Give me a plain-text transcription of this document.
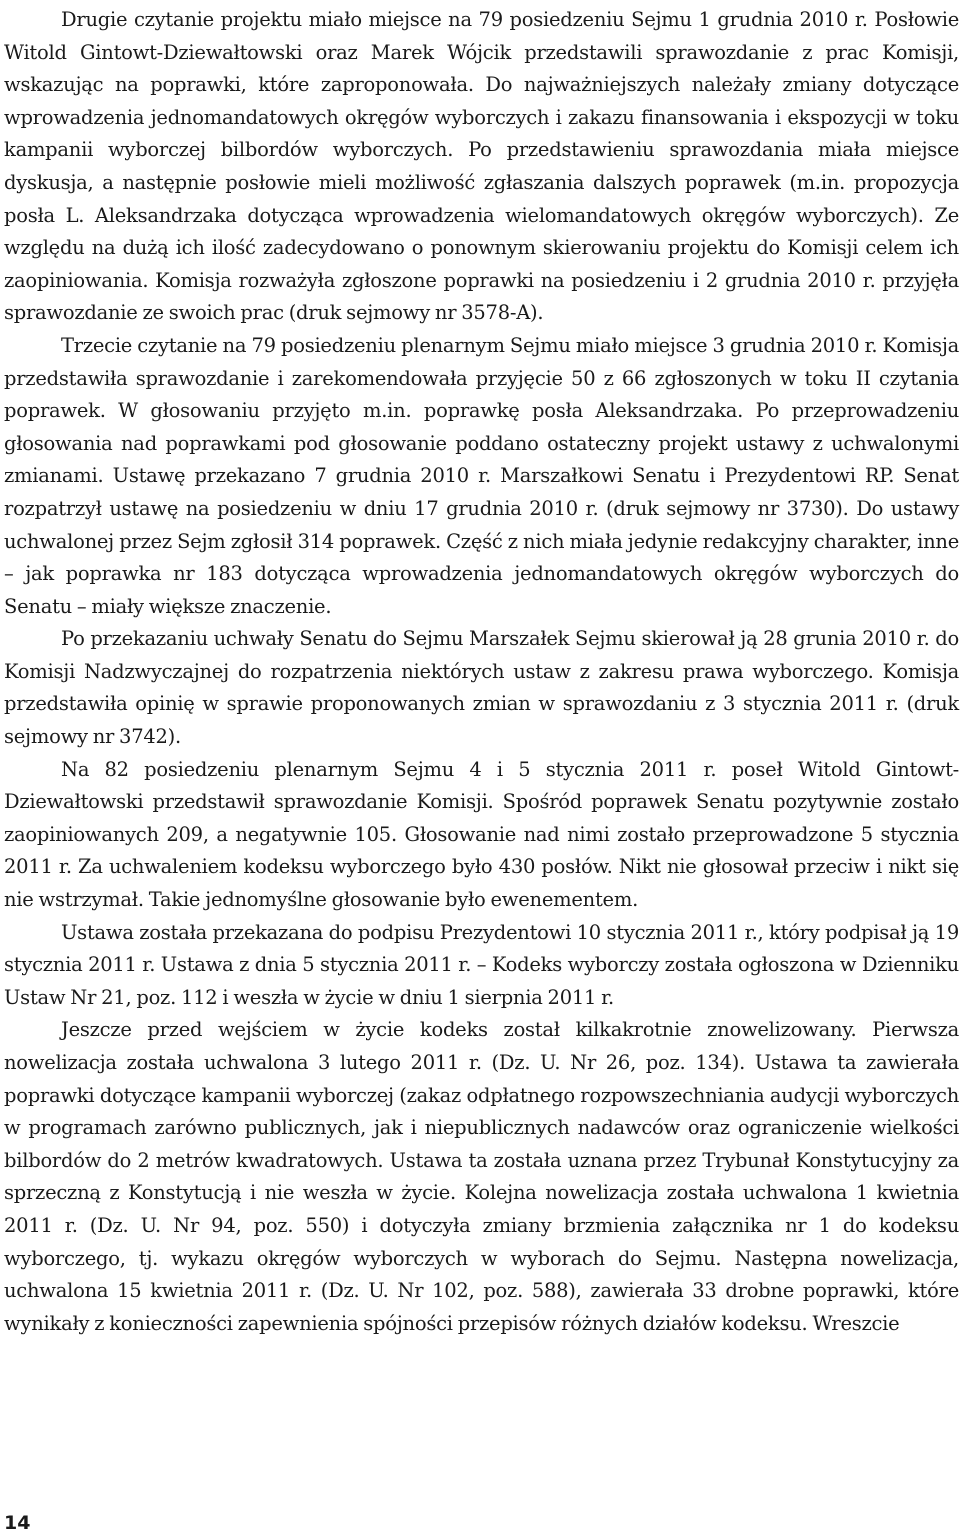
Drugie czytanie projektu miało miejsce na 79 posiedzeniu Sejmu 1 grudnia 2010 r. Posłowie Witold Gintowt-Dziewałtowski oraz Marek Wójcik przedstawili sprawozdanie z prac Komisji, wskazując na poprawki, które zaproponowała. Do najważniejszych należały zmiany dotyczące wprowadzenia jednomandatowych okręgów wyborczych i zakazu finansowania i ekspozycji w toku kampanii wyborczej bilbordów wyborczych. Po przedstawieniu sprawozdania miała miejsce dyskusja, a następnie posłowie mieli możliwość zgłaszania dalszych poprawek (m.in. propozycja posła L. Aleksandrzaka dotycząca wprowadzenia wielomandatowych okręgów wyborczych). Ze względu na dużą ich ilość zadecydowano o ponownym skierowaniu projektu do Komisji celem ich zaopiniowania. Komisja rozważyła zgłoszone poprawki na posiedzeniu i 2 grudnia 2010 r. przyjęła sprawozdanie ze swoich prac (druk sejmowy nr 3578-A).

Trzecie czytanie na 79 posiedzeniu plenarnym Sejmu miało miejsce 3 grudnia 2010 r. Komisja przedstawiła sprawozdanie i zarekomendowała przyjęcie 50 z 66 zgłoszonych w toku II czytania poprawek. W głosowaniu przyjęto m.in. poprawkę posła Aleksandrzaka. Po przeprowadzeniu głosowania nad poprawkami pod głosowanie poddano ostateczny projekt ustawy z uchwalonymi zmianami. Ustawę przekazano 7 grudnia 2010 r. Marszałkowi Senatu i Prezydentowi RP. Senat rozpatrzył ustawę na posiedzeniu w dniu 17 grudnia 2010 r. (druk sejmowy nr 3730). Do ustawy uchwalonej przez Sejm zgłosił 314 poprawek. Część z nich miała jedynie redakcyjny charakter, inne – jak poprawka nr 183 dotycząca wprowadzenia jednomandatowych okręgów wyborczych do Senatu – miały większe znaczenie.

Po przekazaniu uchwały Senatu do Sejmu Marszałek Sejmu skierował ją 28 grunia 2010 r. do Komisji Nadzwyczajnej do rozpatrzenia niektórych ustaw z zakresu prawa wyborczego. Komisja przedstawiła opinię w sprawie proponowanych zmian w sprawozdaniu z 3 stycznia 2011 r. (druk sejmowy nr 3742).

Na 82 posiedzeniu plenarnym Sejmu 4 i 5 stycznia 2011 r. poseł Witold Gintowt-Dziewałtowski przedstawił sprawozdanie Komisji. Spośród poprawek Senatu pozytywnie zostało zaopiniowanych 209, a negatywnie 105. Głosowanie nad nimi zostało przeprowadzone 5 stycznia 2011 r. Za uchwaleniem kodeksu wyborczego było 430 posłów. Nikt nie głosował przeciw i nikt się nie wstrzymał. Takie jednomyślne głosowanie było ewenementem.

Ustawa została przekazana do podpisu Prezydentowi 10 stycznia 2011 r., który podpisał ją 19 stycznia 2011 r. Ustawa z dnia 5 stycznia 2011 r. – Kodeks wyborczy została ogłoszona w Dzienniku Ustaw Nr 21, poz. 112 i weszła w życie w dniu 1 sierpnia 2011 r.

Jeszcze przed wejściem w życie kodeks został kilkakrotnie znowelizowany. Pierwsza nowelizacja została uchwalona 3 lutego 2011 r. (Dz. U. Nr 26, poz. 134). Ustawa ta zawierała poprawki dotyczące kampanii wyborczej (zakaz odpłatnego rozpowszechniania audycji wyborczych w programach zarówno publicznych, jak i niepublicznych nadawców oraz ograniczenie wielkości bilbordów do 2 metrów kwadratowych. Ustawa ta została uznana przez Trybunał Konstytucyjny za sprzeczną z Konstytucją i nie weszła w życie. Kolejna nowelizacja została uchwalona 1 kwietnia 2011 r. (Dz. U. Nr 94, poz. 550) i dotyczyła zmiany brzmienia załącznika nr 1 do kodeksu wyborczego, tj. wykazu okręgów wyborczych w wyborach do Sejmu. Następna nowelizacja, uchwalona 15 kwietnia 2011 r. (Dz. U. Nr 102, poz. 588), zawierała 33 drobne poprawki, które wynikały z konieczności zapewnienia spójności przepisów różnych działów kodeksu. Wreszcie

14
